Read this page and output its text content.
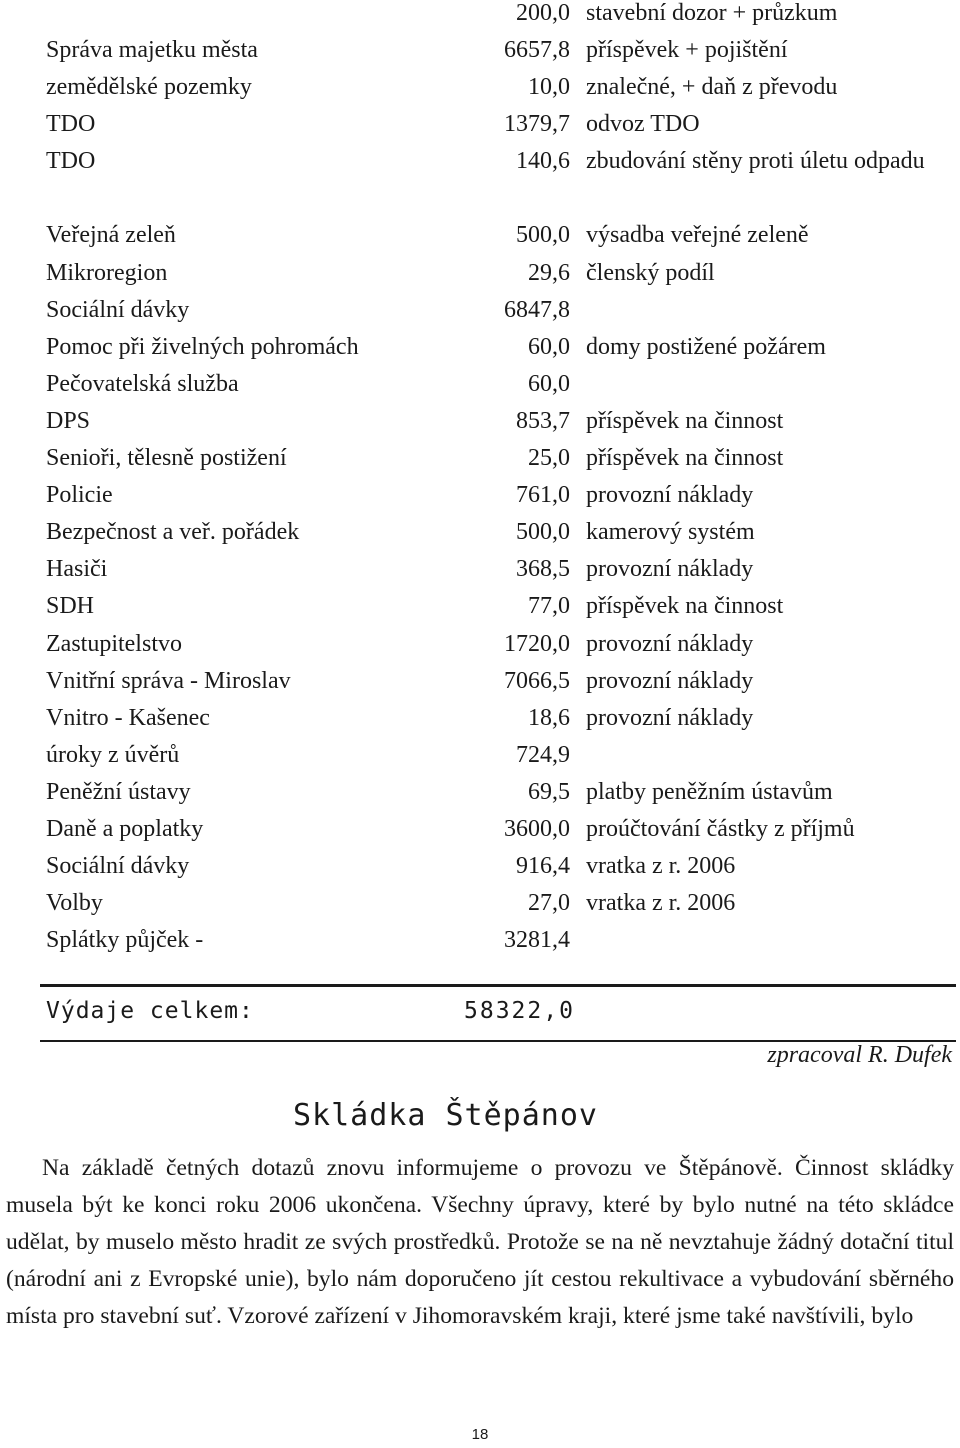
200,0 stavební dozor + průzkum
Správa majetku města	6657,8 příspěvek + pojištění
zemědělské pozemky	10,0 znalečné, + daň z převodu
TDO	1379,7 odvoz TDO
TDO	140,6 zbudování stěny proti úletu odpadu
Veřejná zeleň	500,0 výsadba veřejné zeleně
Mikroregion	29,6 členský podíl
Sociální dávky	6847,8
Pomoc při živelných pohromách	60,0 domy postižené požárem
Pečovatelská služba	60,0
DPS	853,7 příspěvek na činnost
Senioři, tělesně postižení	25,0 příspěvek na činnost
Policie	761,0 provozní náklady
Bezpečnost a veř. pořádek	500,0 kamerový systém
Hasiči	368,5 provozní náklady
SDH	77,0 příspěvek na činnost
Zastupitelstvo	1720,0 provozní náklady
Vnitřní správa - Miroslav	7066,5 provozní náklady
Vnitro - Kašenec	18,6 provozní náklady
úroky z úvěrů	724,9
Peněžní ústavy	69,5 platby peněžním ústavům
Daně a poplatky	3600,0 proúčtování částky z příjmů
Sociální dávky	916,4 vratka z r. 2006
Volby	27,0 vratka z r. 2006
Splátky půjček -	3281,4
Výdaje celkem:	58322,0
zpracoval R. Dufek
Skládka Štěpánov

Na základě četných dotazů znovu informujeme o provozu ve Štěpánově. Činnost skládky musela být ke konci roku 2006 ukončena. Všechny úpravy, které by bylo nutné na této skládce udělat, by muselo město hradit ze svých prostředků. Protože se na ně nevztahuje žádný dotační titul (národní ani z Evropské unie), bylo nám doporučeno jít cestou rekultivace a vybudování sběrného místa pro stavební suť. Vzorové zařízení v Jihomoravském kraji, které jsme také navštívili, bylo

18
